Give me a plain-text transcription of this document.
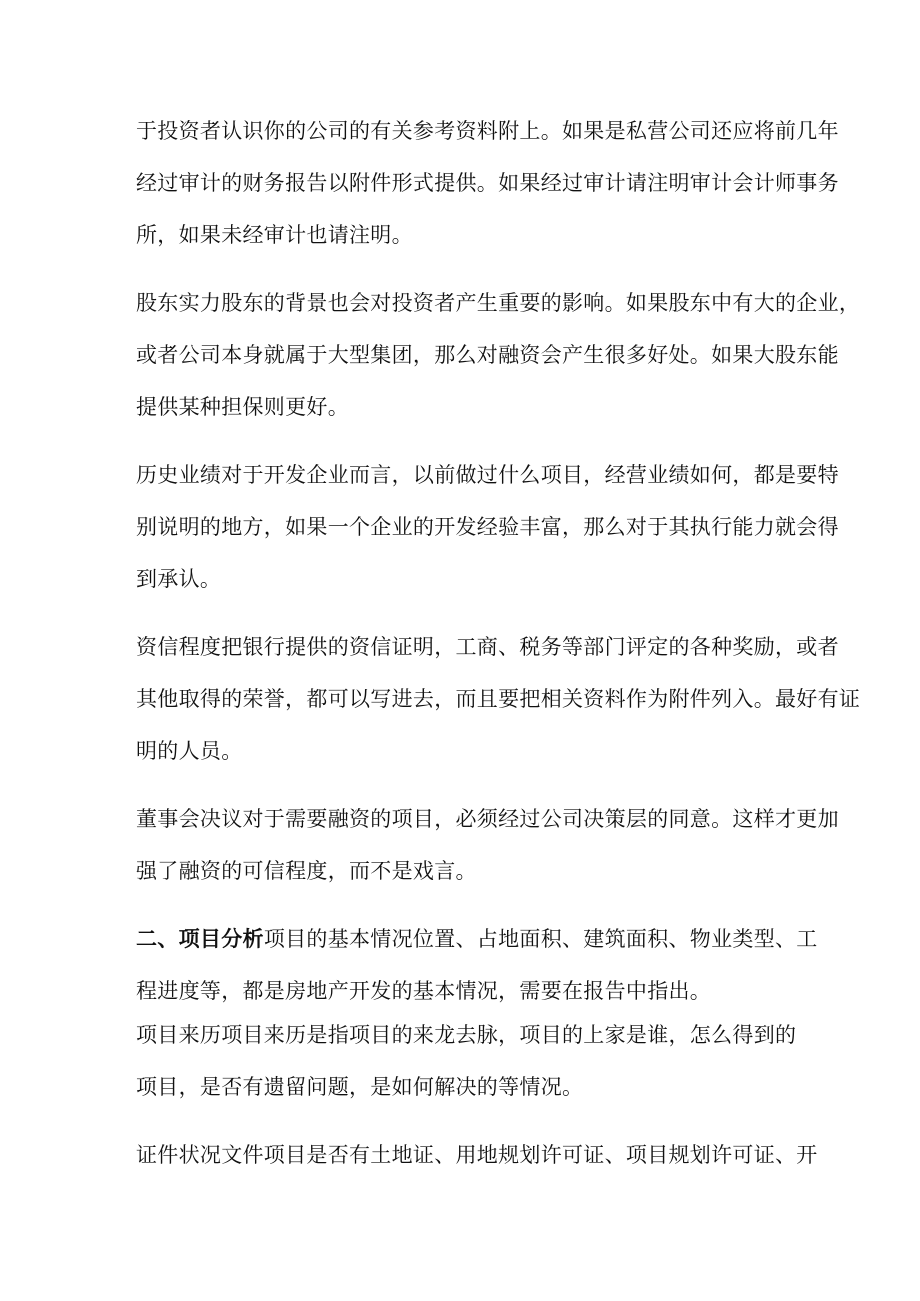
于投资者认识你的公司的有关参考资料附上。如果是私营公司还应将前几年
经过审计的财务报告以附件形式提供。如果经过审计请注明审计会计师事务
所，如果未经审计也请注明。
股东实力股东的背景也会对投资者产生重要的影响。如果股东中有大的企业，
或者公司本身就属于大型集团，那么对融资会产生很多好处。如果大股东能
提供某种担保则更好。
历史业绩对于开发企业而言，以前做过什么项目，经营业绩如何，都是要特
别说明的地方，如果一个企业的开发经验丰富，那么对于其执行能力就会得
到承认。
资信程度把银行提供的资信证明，工商、税务等部门评定的各种奖励，或者
其他取得的荣誉，都可以写进去，而且要把相关资料作为附件列入。最好有证
明的人员。
董事会决议对于需要融资的项目，必须经过公司决策层的同意。这样才更加
强了融资的可信程度，而不是戏言。
二、项目分析项目的基本情况位置、占地面积、建筑面积、物业类型、工
程进度等，都是房地产开发的基本情况，需要在报告中指出。
项目来历项目来历是指项目的来龙去脉，项目的上家是谁，怎么得到的
项目，是否有遗留问题，是如何解决的等情况。
证件状况文件项目是否有土地证、用地规划许可证、项目规划许可证、开
